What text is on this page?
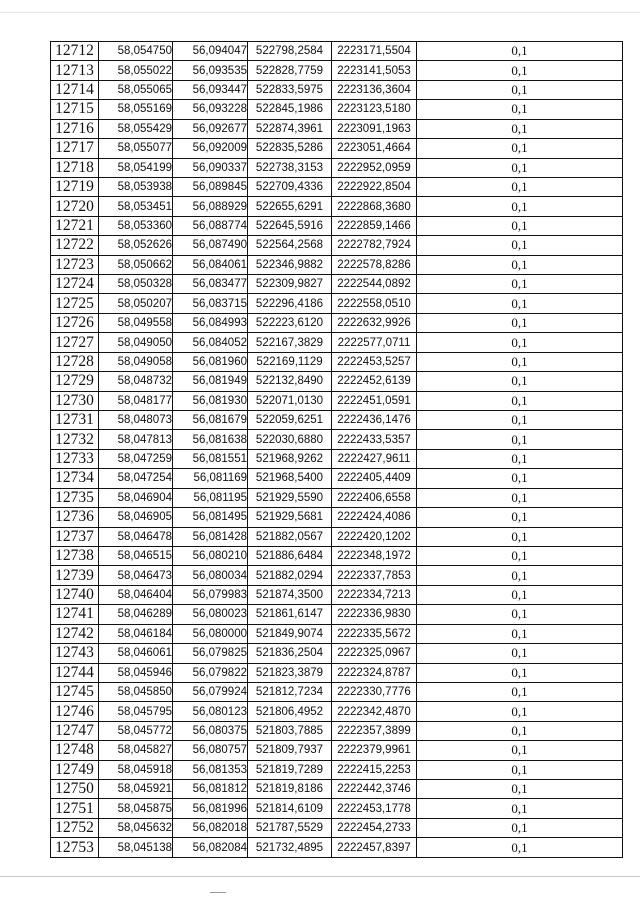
12712	58,054750	56,094047	522798,2584	2223171,5504	0,1
12713	58,055022	56,093535	522828,7759	2223141,5053	0,1
12714	58,055065	56,093447	522833,5975	2223136,3604	0,1
12715	58,055169	56,093228	522845,1986	2223123,5180	0,1
12716	58,055429	56,092677	522874,3961	2223091,1963	0,1
12717	58,055077	56,092009	522835,5286	2223051,4664	0,1
12718	58,054199	56,090337	522738,3153	2222952,0959	0,1
12719	58,053938	56,089845	522709,4336	2222922,8504	0,1
12720	58,053451	56,088929	522655,6291	2222868,3680	0,1
12721	58,053360	56,088774	522645,5916	2222859,1466	0,1
12722	58,052626	56,087490	522564,2568	2222782,7924	0,1
12723	58,050662	56,084061	522346,9882	2222578,8286	0,1
12724	58,050328	56,083477	522309,9827	2222544,0892	0,1
12725	58,050207	56,083715	522296,4186	2222558,0510	0,1
12726	58,049558	56,084993	522223,6120	2222632,9926	0,1
12727	58,049050	56,084052	522167,3829	2222577,0711	0,1
12728	58,049058	56,081960	522169,1129	2222453,5257	0,1
12729	58,048732	56,081949	522132,8490	2222452,6139	0,1
12730	58,048177	56,081930	522071,0130	2222451,0591	0,1
12731	58,048073	56,081679	522059,6251	2222436,1476	0,1
12732	58,047813	56,081638	522030,6880	2222433,5357	0,1
12733	58,047259	56,081551	521968,9262	2222427,9611	0,1
12734	58,047254	56,081169	521968,5400	2222405,4409	0,1
12735	58,046904	56,081195	521929,5590	2222406,6558	0,1
12736	58,046905	56,081495	521929,5681	2222424,4086	0,1
12737	58,046478	56,081428	521882,0567	2222420,1202	0,1
12738	58,046515	56,080210	521886,6484	2222348,1972	0,1
12739	58,046473	56,080034	521882,0294	2222337,7853	0,1
12740	58,046404	56,079983	521874,3500	2222334,7213	0,1
12741	58,046289	56,080023	521861,6147	2222336,9830	0,1
12742	58,046184	56,080000	521849,9074	2222335,5672	0,1
12743	58,046061	56,079825	521836,2504	2222325,0967	0,1
12744	58,045946	56,079822	521823,3879	2222324,8787	0,1
12745	58,045850	56,079924	521812,7234	2222330,7776	0,1
12746	58,045795	56,080123	521806,4952	2222342,4870	0,1
12747	58,045772	56,080375	521803,7885	2222357,3899	0,1
12748	58,045827	56,080757	521809,7937	2222379,9961	0,1
12749	58,045918	56,081353	521819,7289	2222415,2253	0,1
12750	58,045921	56,081812	521819,8186	2222442,3746	0,1
12751	58,045875	56,081996	521814,6109	2222453,1778	0,1
12752	58,045632	56,082018	521787,5529	2222454,2733	0,1
12753	58,045138	56,082084	521732,4895	2222457,8397	0,1
